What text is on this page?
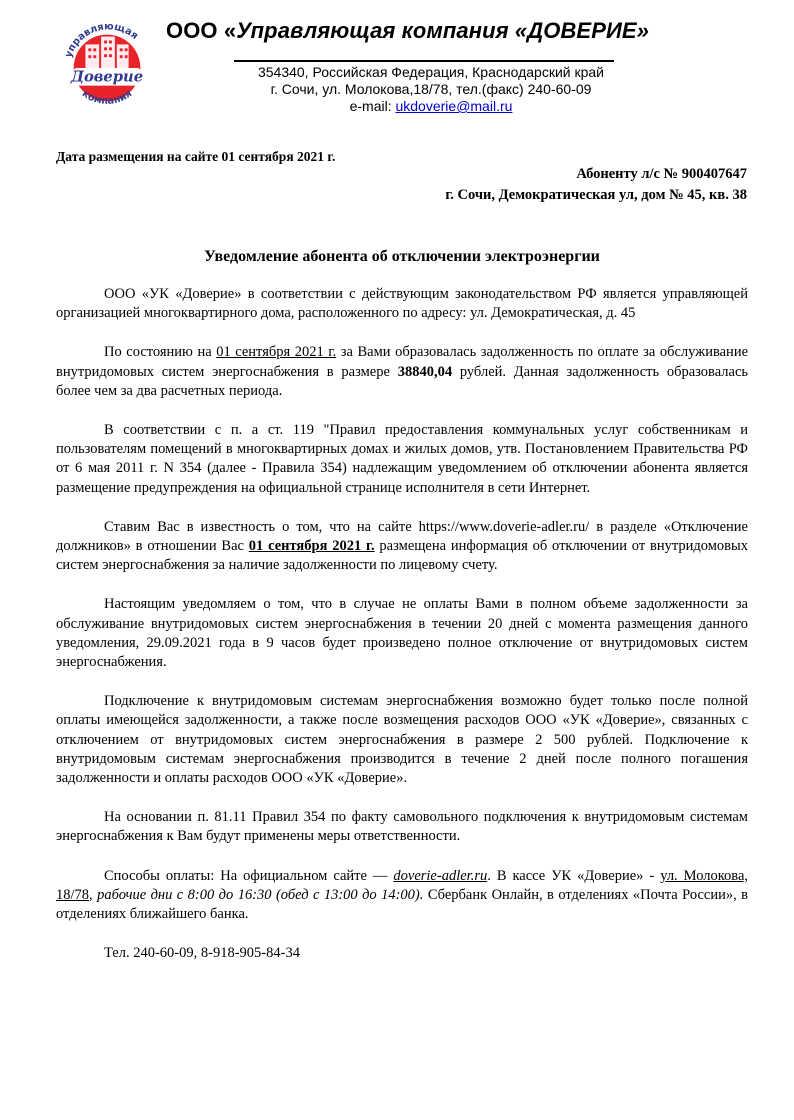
Доверие
управляющая
компания
ООО «Управляющая компания «ДОВЕРИЕ»
354340, Российская Федерация, Краснодарский край
г. Сочи, ул. Молокова,18/78, тел.(факс) 240-60-09
e-mail: ukdoverie@mail.ru
Дата размещения на сайте 01 сентября 2021 г.
Абоненту л/с № 900407647
г. Сочи, Демократическая ул, дом № 45, кв. 38
Уведомление абонента об отключении электроэнергии

ООО «УК «Доверие» в соответствии с действующим законодательством РФ является управляющей организацией многоквартирного дома, расположенного по адресу: ул. Демократическая, д. 45

По состоянию на 01 сентября 2021 г. за Вами образовалась задолженность по оплате за обслуживание внутридомовых систем энергоснабжения в размере 38840,04 рублей. Данная задолженность образовалась более чем за два расчетных периода.

В соответствии с п. а ст. 119 "Правил предоставления коммунальных услуг собственникам и пользователям помещений в многоквартирных домах и жилых домов, утв. Постановлением Правительства РФ от 6 мая 2011 г. N 354 (далее - Правила 354) надлежащим уведомлением об отключении абонента является размещение предупреждения на официальной странице исполнителя в сети Интернет.

Ставим Вас в известность о том, что на сайте https://www.doverie-adler.ru/ в разделе «Отключение должников» в отношении Вас 01 сентября 2021 г. размещена информация об отключении от внутридомовых систем энергоснабжения за наличие задолженности по лицевому счету.

Настоящим уведомляем о том, что в случае не оплаты Вами в полном объеме задолженности за обслуживание внутридомовых систем энергоснабжения в течении 20 дней с момента размещения данного уведомления, 29.09.2021 года в 9 часов будет произведено полное отключение от внутридомовых систем энергоснабжения.

Подключение к внутридомовым системам энергоснабжения возможно будет только после полной оплаты имеющейся задолженности, а также после возмещения расходов ООО «УК «Доверие», связанных с отключением от внутридомовых систем энергоснабжения в размере 2 500 рублей. Подключение к внутридомовым системам энергоснабжения производится в течение 2 дней после полного погашения задолженности и оплаты расходов ООО «УК «Доверие».

На основании п. 81.11 Правил 354 по факту самовольного подключения к внутридомовым системам энергоснабжения к Вам будут применены меры ответственности.

Способы оплаты: На официальном сайте — doverie-adler.ru. В кассе УК «Доверие» - ул. Молокова, 18/78, рабочие дни с 8:00 до 16:30 (обед с 13:00 до 14:00). Сбербанк Онлайн, в отделениях «Почта России», в отделениях ближайшего банка.

Тел. 240-60-09, 8-918-905-84-34
